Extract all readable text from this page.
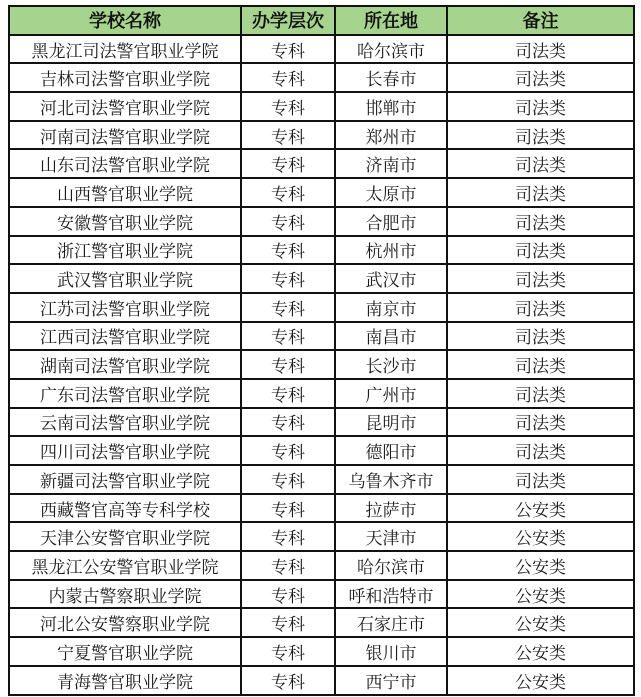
学校名称	办学层次	所在地	备注
黑龙江司法警官职业学院	专科	哈尔滨市	司法类
吉林司法警官职业学院	专科	长春市	司法类
河北司法警官职业学院	专科	邯郸市	司法类
河南司法警官职业学院	专科	郑州市	司法类
山东司法警官职业学院	专科	济南市	司法类
山西警官职业学院	专科	太原市	司法类
安徽警官职业学院	专科	合肥市	司法类
浙江警官职业学院	专科	杭州市	司法类
武汉警官职业学院	专科	武汉市	司法类
江苏司法警官职业学院	专科	南京市	司法类
江西司法警官职业学院	专科	南昌市	司法类
湖南司法警官职业学院	专科	长沙市	司法类
广东司法警官职业学院	专科	广州市	司法类
云南司法警官职业学院	专科	昆明市	司法类
四川司法警官职业学院	专科	德阳市	司法类
新疆司法警官职业学院	专科	乌鲁木齐市	司法类
西藏警官高等专科学校	专科	拉萨市	公安类
天津公安警官职业学院	专科	天津市	公安类
黑龙江公安警官职业学院	专科	哈尔滨市	公安类
内蒙古警察职业学院	专科	呼和浩特市	公安类
河北公安警察职业学院	专科	石家庄市	公安类
宁夏警官职业学院	专科	银川市	公安类
青海警官职业学院	专科	西宁市	公安类
